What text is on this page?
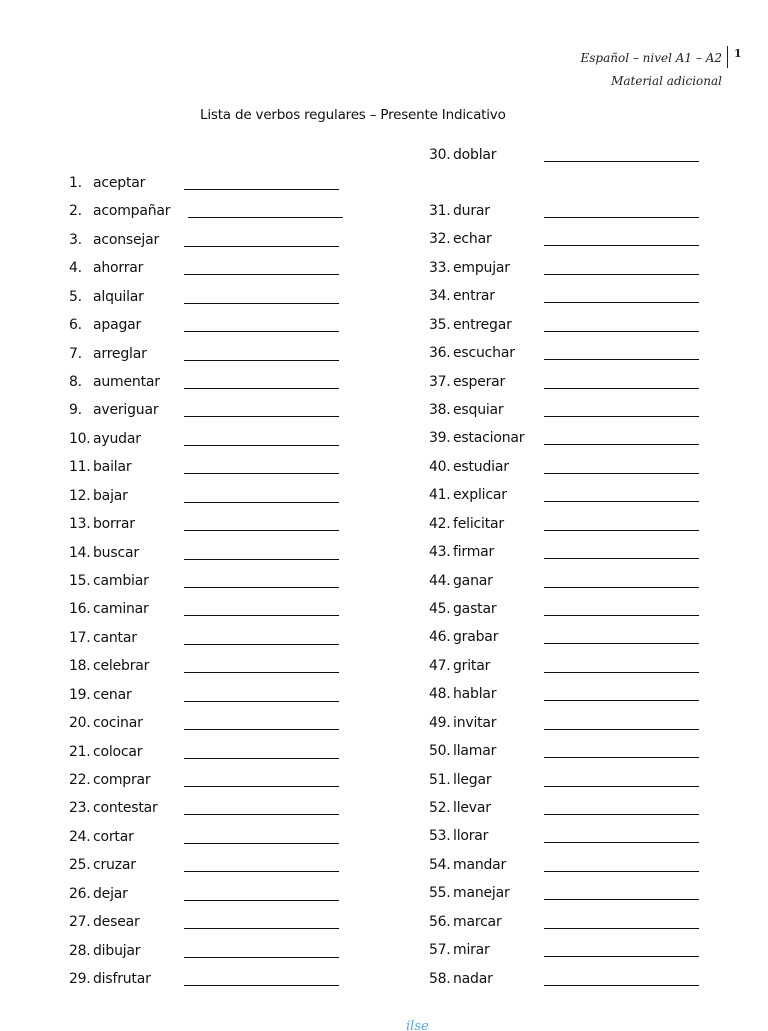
Español – nivel A1 – A2
Material adicional
1
Lista de verbos regulares – Presente Indicativo
1. aceptar
2. acompañar
3. aconsejar
4. ahorrar
5. alquilar
6. apagar
7. arreglar
8. aumentar
9. averiguar
10. ayudar
11. bailar
12. bajar
13. borrar
14. buscar
15. cambiar
16. caminar
17. cantar
18. celebrar
19. cenar
20. cocinar
21. colocar
22. comprar
23. contestar
24. cortar
25. cruzar
26. dejar
27. desear
28. dibujar
29. disfrutar
30. doblar
31. durar
32. echar
33. empujar
34. entrar
35. entregar
36. escuchar
37. esperar
38. esquiar
39. estacionar
40. estudiar
41. explicar
42. felicitar
43. firmar
44. ganar
45. gastar
46. grabar
47. gritar
48. hablar
49. invitar
50. llamar
51. llegar
52. llevar
53. llorar
54. mandar
55. manejar
56. marcar
57. mirar
58. nadar
ilse
